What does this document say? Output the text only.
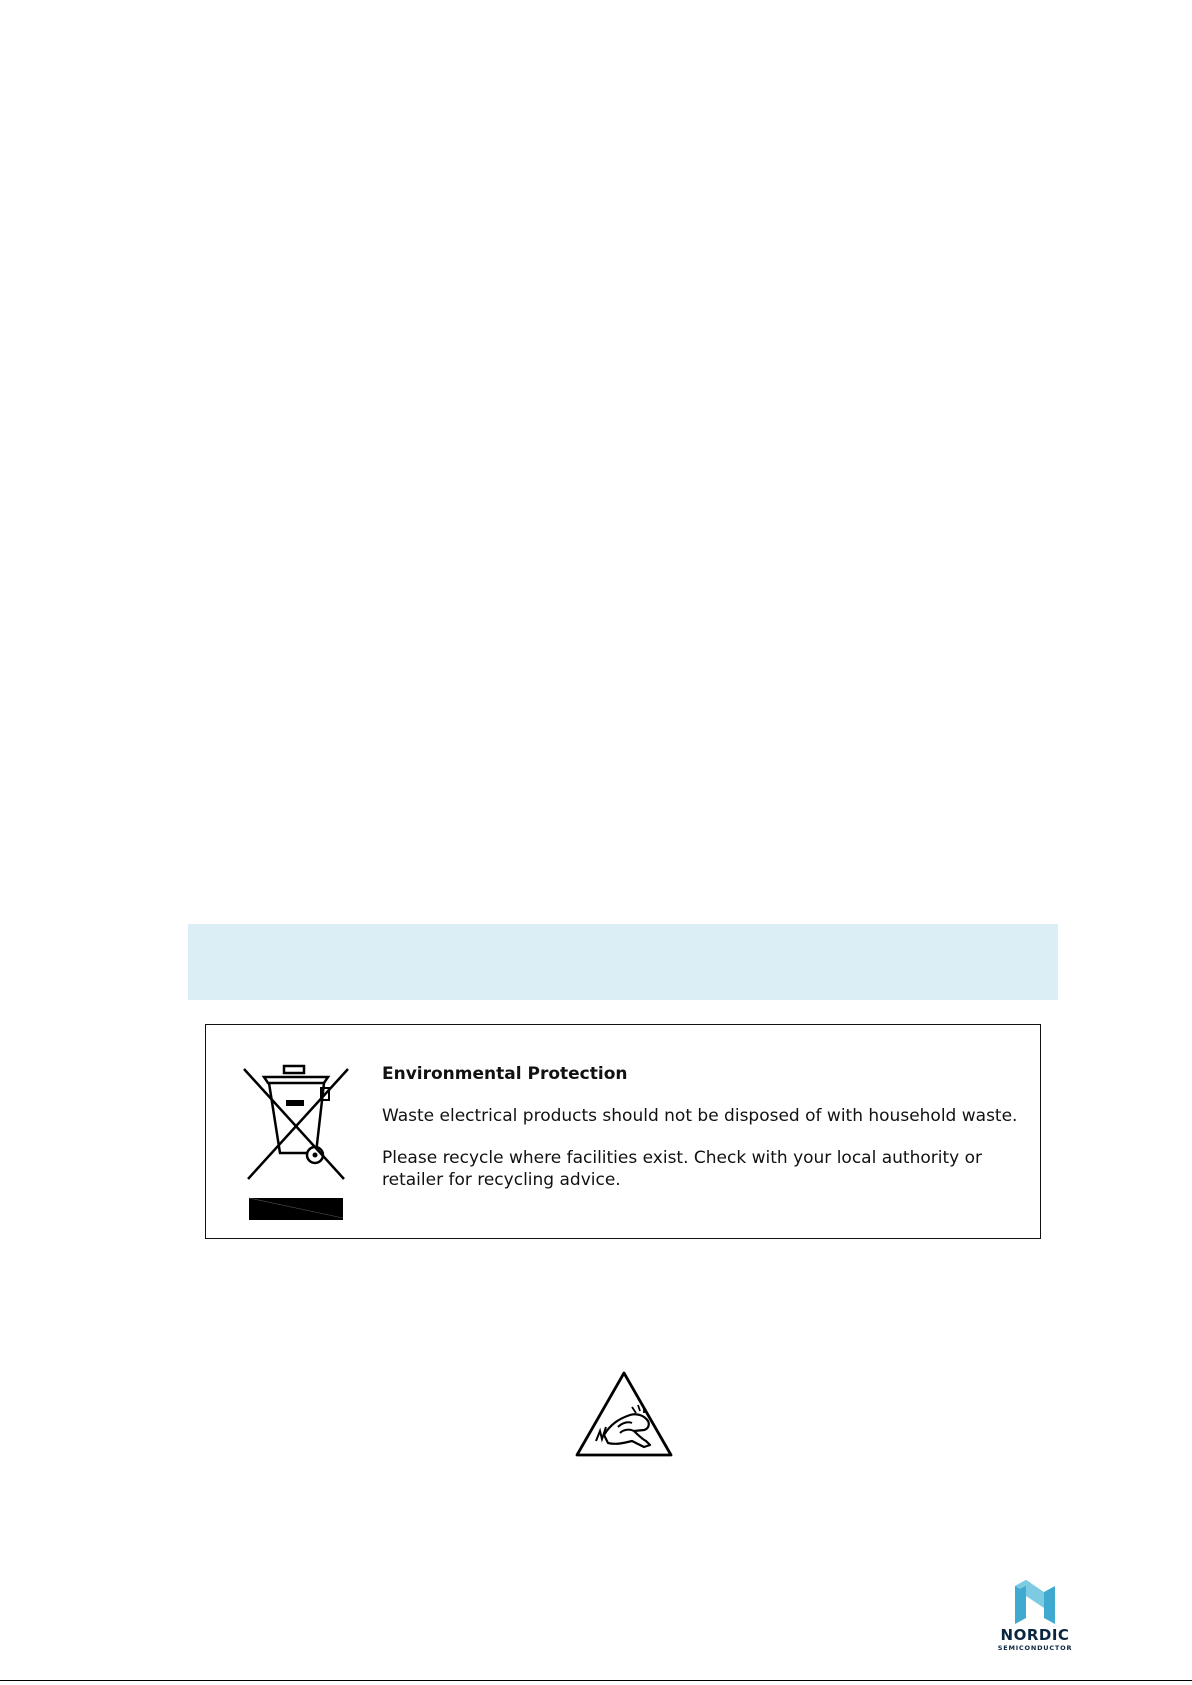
Environmental Protection

Waste electrical products should not be disposed of with household waste.

Please recycle where facilities exist. Check with your local authority or retailer for recycling advice.

NORDIC
SEMICONDUCTOR
